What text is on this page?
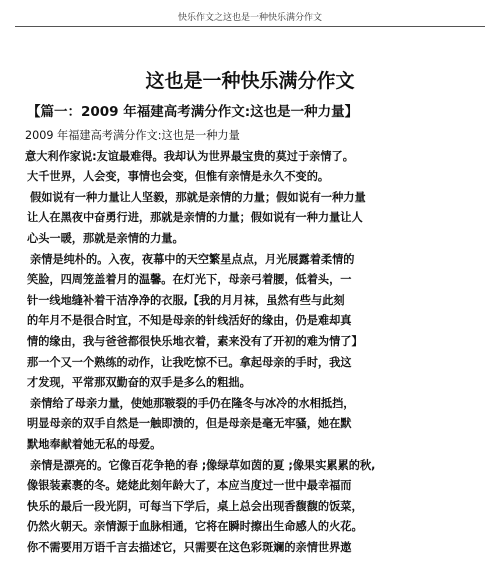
快乐作文之这也是一种快乐满分作文
这也是一种快乐满分作文
【篇一：2009 年福建高考满分作文:这也是一种力量】
2009 年福建高考满分作文:这也是一种力量
意大利作家说:友谊最难得。我却认为世界最宝贵的莫过于亲情了。
大千世界，人会变，事情也会变，但惟有亲情是永久不变的。
假如说有一种力量让人坚毅，那就是亲情的力量；假如说有一种力量
让人在黑夜中奋勇行进，那就是亲情的力量；假如说有一种力量让人
心头一暖，那就是亲情的力量。
亲情是纯朴的。入夜，夜幕中的天空繁星点点，月光展露着柔情的
笑脸，四周笼盖着月的温馨。在灯光下，母亲弓着腰，低着头，一
针一线地缝补着干洁净净的衣服,【我的月月袜，虽然有些与此刻
的年月不是很合时宜，不知是母亲的针线活好的缘由，仍是难却真
情的缘由，我与爸爸都很快乐地衣着，素来没有了开初的难为情了】
那一个又一个熟练的动作，让我吃惊不已。拿起母亲的手时，我这
才发现，平常那双勤奋的双手是多么的粗拙。
亲情给了母亲力量，使她那皲裂的手仍在隆冬与冰冷的水相抵挡，
明显母亲的双手自然是一触即溃的，但是母亲是毫无牢骚，她在默
默地奉献着她无私的母爱。
亲情是漂亮的。它像百花争艳的春 ;像绿草如茵的夏 ;像果实累累的秋,
像银装素裹的冬。姥姥此刻年龄大了，本应当度过一世中最幸福而
快乐的最后一段光阴，可每当下学后，桌上总会出现香馥馥的饭菜，
仍然火朝天。亲情源于血脉相通，它将在瞬时擦出生命感人的火花。
你不需要用万语千言去描述它，只需要在这色彩斑斓的亲情世界遨
